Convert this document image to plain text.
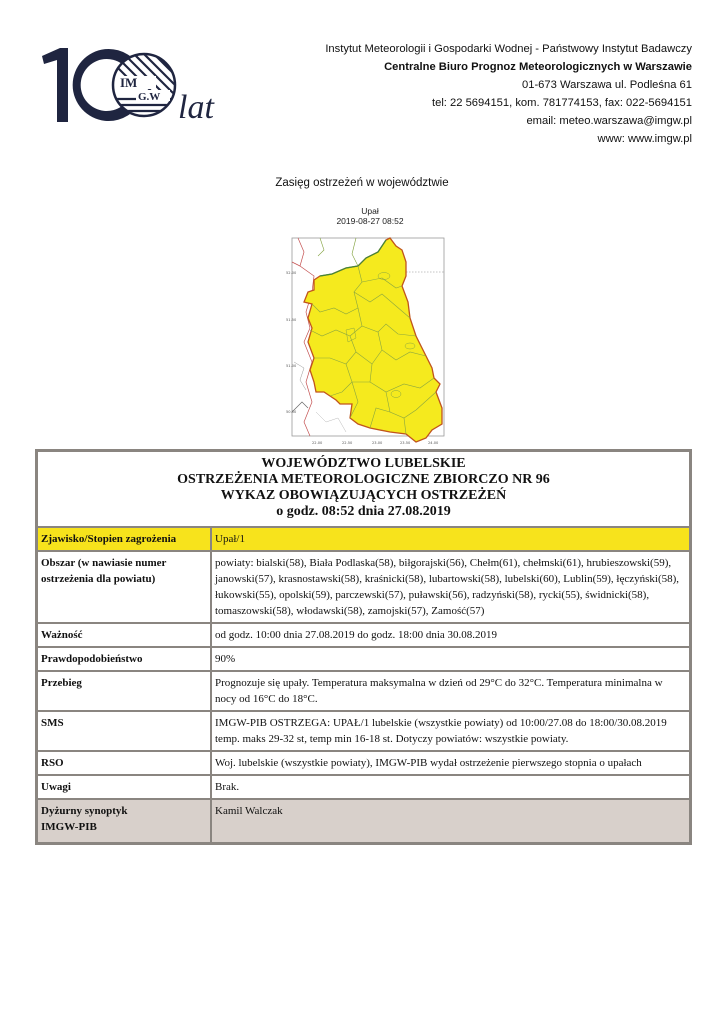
IM
G.W lat
Instytut Meteorologii i Gospodarki Wodnej - Państwowy Instytut Badawczy
Centralne Biuro Prognoz Meteorologicznych w Warszawie
01-673 Warszawa ul. Podleśna 61
tel: 22 5694151, kom. 781774153, fax: 022-5694151
email: meteo.warszawa@imgw.pl
www: www.imgw.pl
Zasięg ostrzeżeń w województwie
Upał
2019-08-27 08:52
52.00
51.50
51.00
50.50
22.00	22.50	23.00	23.50	24.00
WOJEWÓDZTWO LUBELSKIE
OSTRZEŻENIA METEOROLOGICZNE ZBIORCZO NR 96
WYKAZ OBOWIĄZUJĄCYCH OSTRZEŻEŃ
o godz. 08:52 dnia 27.08.2019	

Zjawisko/Stopien zagrożenia	Upał/1
Obszar (w nawiasie numer ostrzeżenia dla powiatu)	powiaty: bialski(58), Biała Podlaska(58), biłgorajski(56), Chełm(61), chełmski(61), hrubieszowski(59), janowski(57), krasnostawski(58), kraśnicki(58), lubartowski(58), lubelski(60), Lublin(59), łęczyński(58), łukowski(55), opolski(59), parczewski(57), puławski(56), radzyński(58), rycki(55), świdnicki(58), tomaszowski(58), włodawski(58), zamojski(57), Zamość(57)
Ważność	od godz. 10:00 dnia 27.08.2019 do godz. 18:00 dnia 30.08.2019
Prawdopodobieństwo	90%
Przebieg	Prognozuje się upały. Temperatura maksymalna w dzień od 29°C do 32°C. Temperatura minimalna w nocy od 16°C do 18°C.
SMS	IMGW-PIB OSTRZEGA: UPAŁ/1 lubelskie (wszystkie powiaty) od 10:00/27.08 do 18:00/30.08.2019 temp. maks 29-32 st, temp min 16-18 st. Dotyczy powiatów: wszystkie powiaty.
RSO	Woj. lubelskie (wszystkie powiaty), IMGW-PIB wydał ostrzeżenie pierwszego stopnia o upałach
Uwagi	Brak.

Dyżurny synoptyk
IMGW-PIB	Kamil Walczak
